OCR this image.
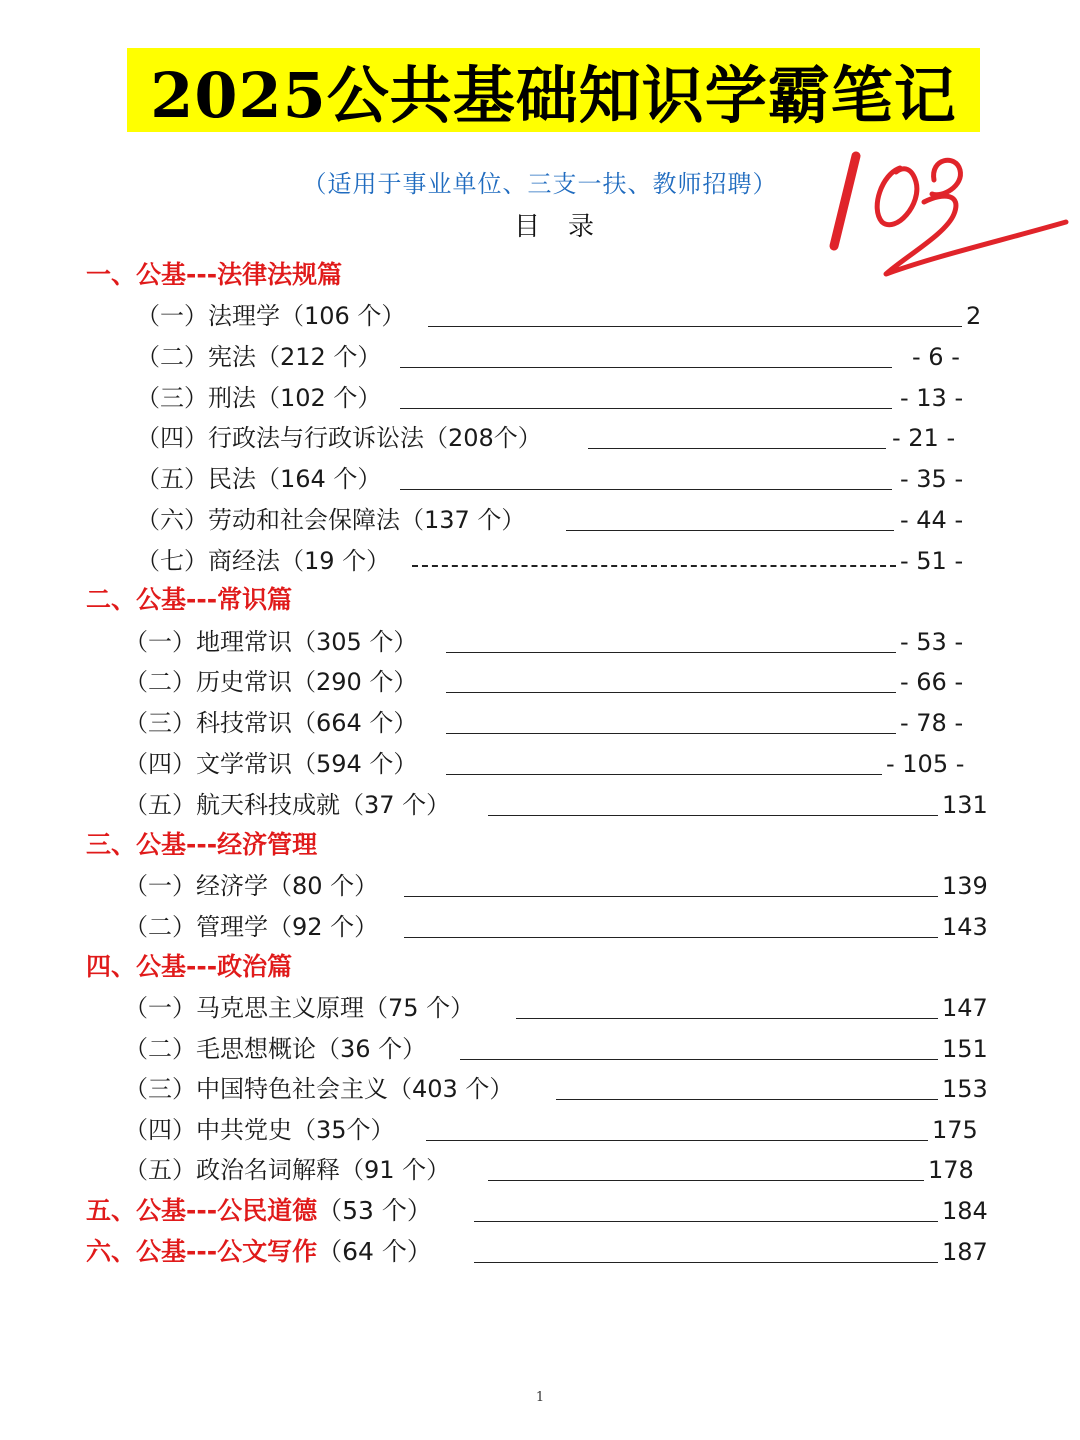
2025公共基础知识学霸笔记
（适用于事业单位、三支一扶、教师招聘）
目录
一、公基---法律法规篇
（一）法理学（106 个）	2
（二）宪法（212 个）	- 6 -
（三）刑法（102 个）	- 13 -
（四）行政法与行政诉讼法（208个）	- 21 -
（五）民法（164 个）	- 35 -
（六）劳动和社会保障法（137 个）	- 44 -
（七）商经法（19 个）	- 51 -
二、公基---常识篇
（一）地理常识（305 个）	- 53 -
（二）历史常识（290 个）	- 66 -
（三）科技常识（664 个）	- 78 -
（四）文学常识（594 个）	- 105 -
（五）航天科技成就（37 个）	131
三、公基---经济管理
（一）经济学（80 个）	139
（二）管理学（92 个）	143
四、公基---政治篇
（一）马克思主义原理（75 个）	147
（二）毛思想概论（36 个）	151
（三）中国特色社会主义（403 个）	153
（四）中共党史（35个）	175
（五）政治名词解释（91 个）	178
五、公基---公民道德（53 个）	184
六、公基---公文写作（64 个）	187
1
